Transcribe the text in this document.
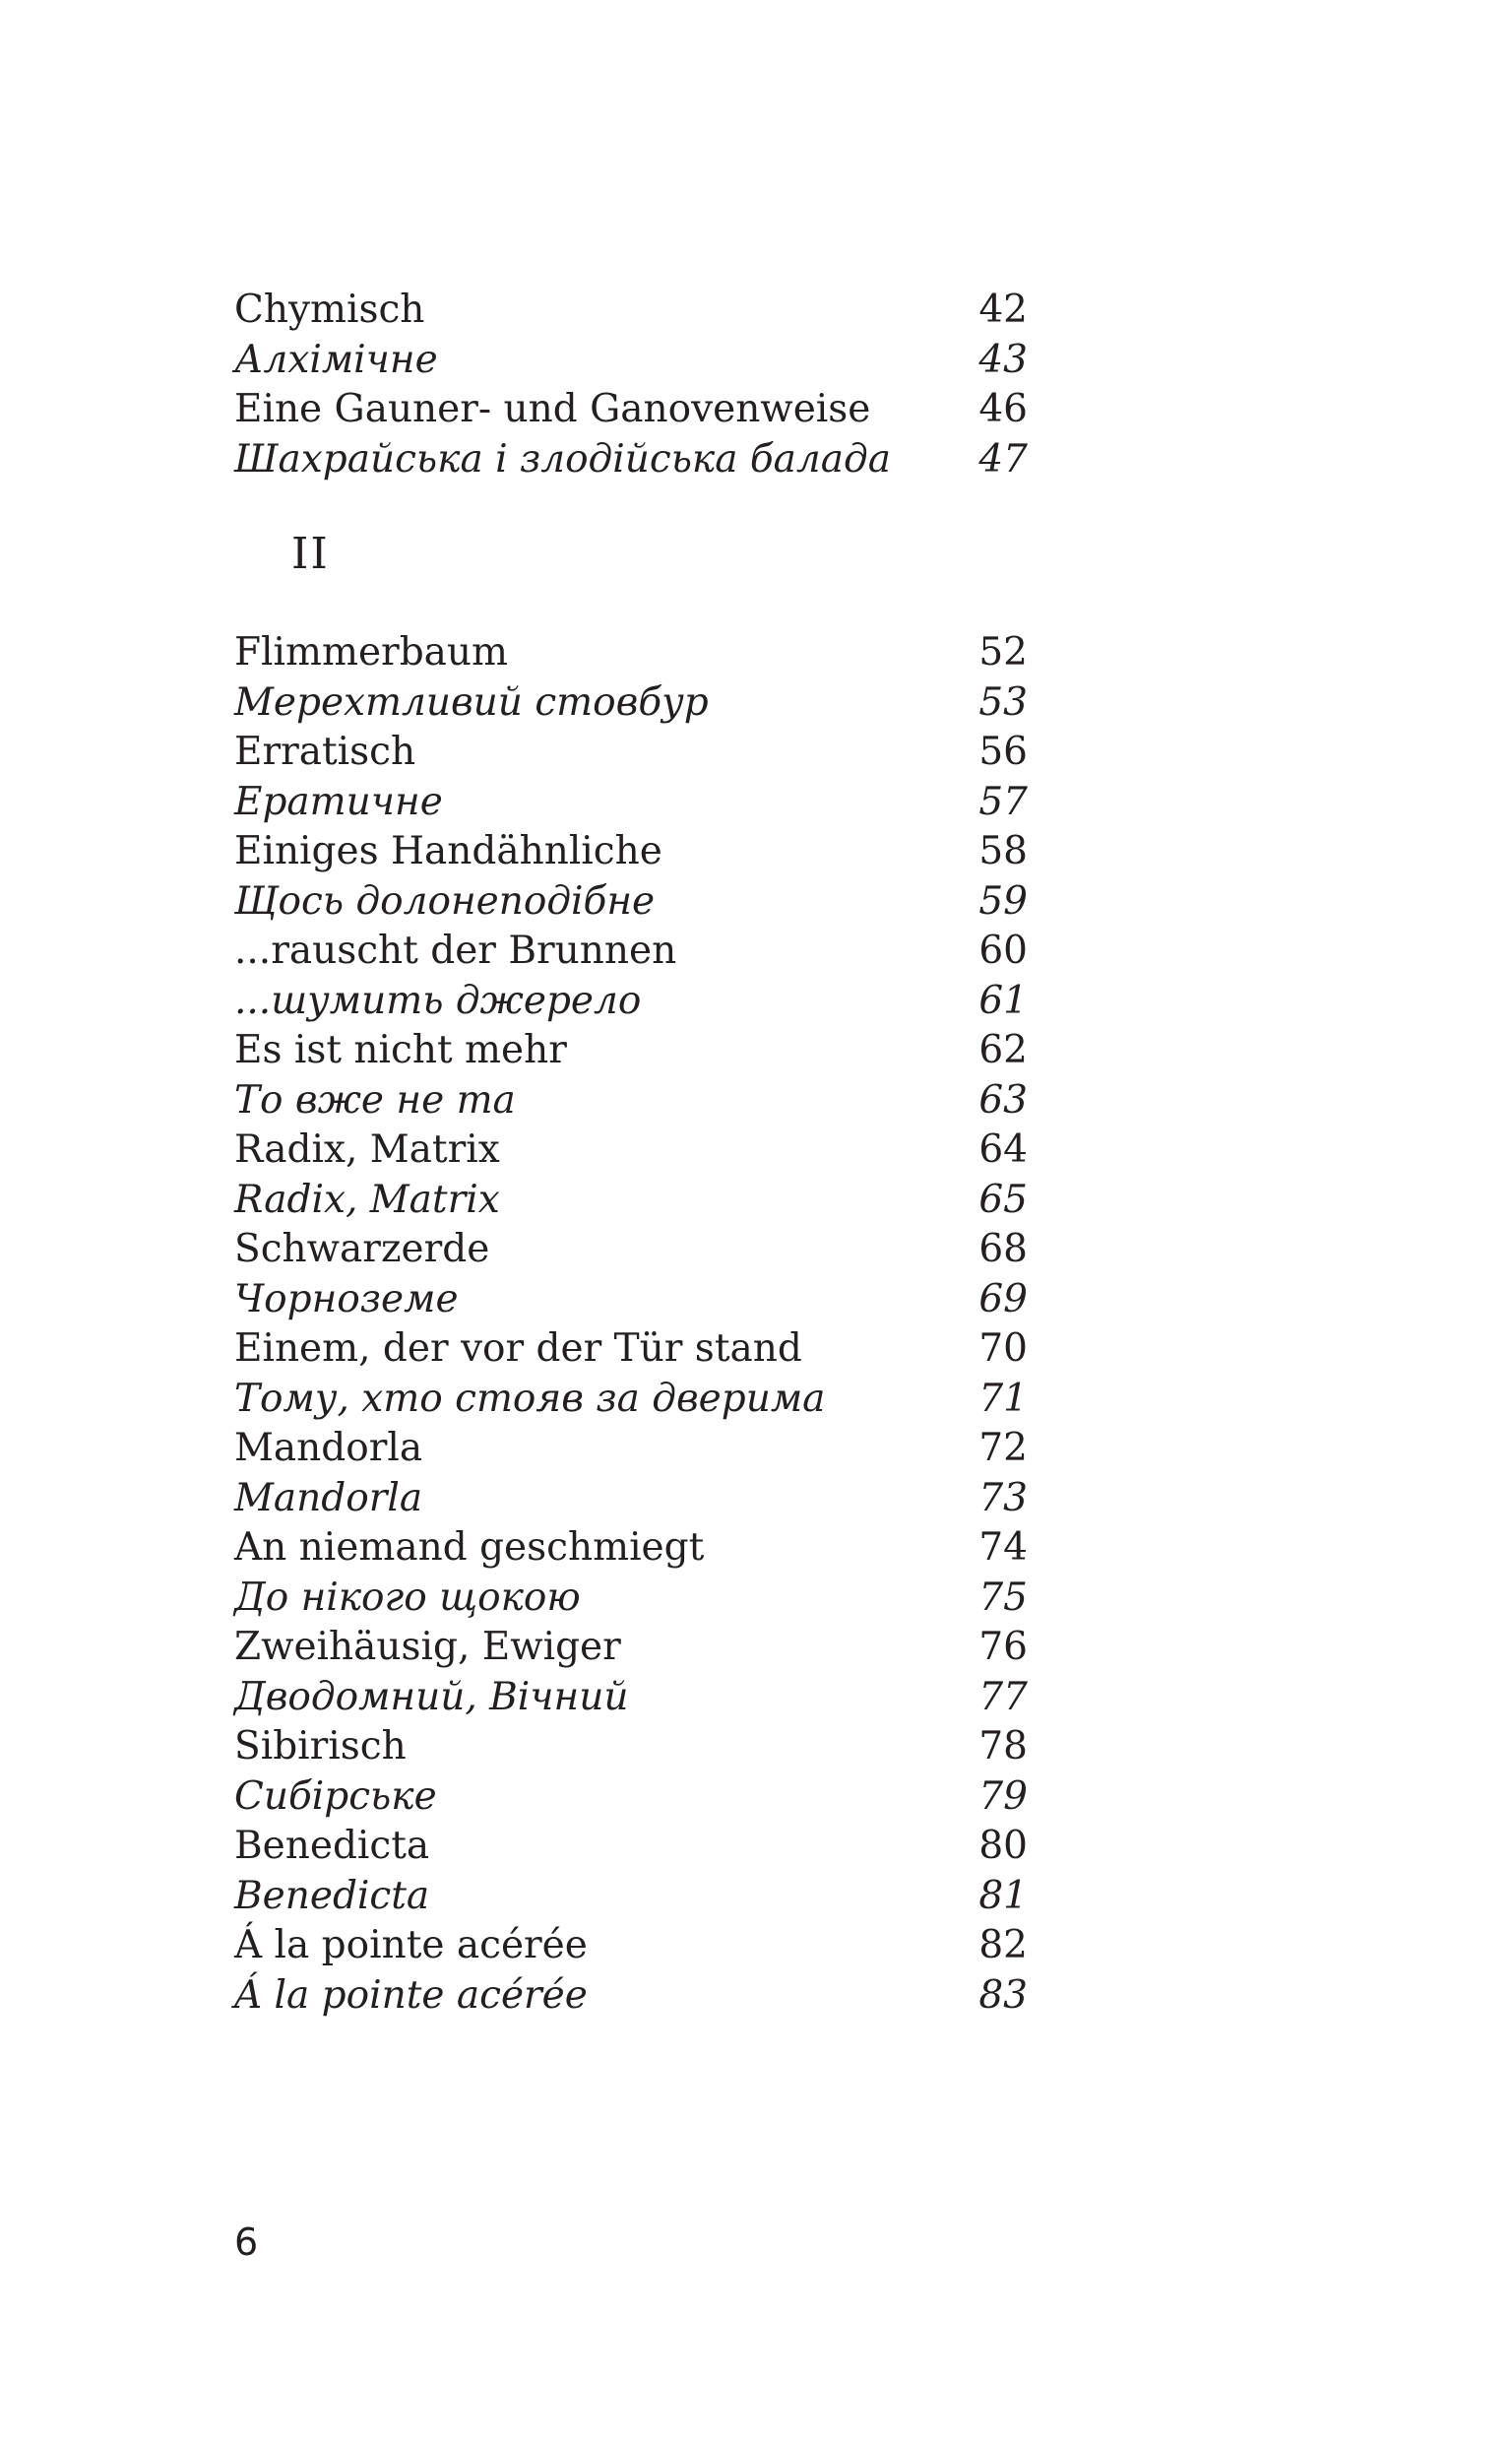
Chymisch	42
Алхімічне	43
Eine Gauner- und Ganovenweise	46
Шахрайська і злодійська балада 47
II
Flimmerbaum	52
Мерехтливий стовбур	53
Erratisch	56
Ератичне	57
Einiges Handähnliche	58
Щось долонеподібне	59
...rauscht der Brunnen	60
...шумить джерело	61
Es ist nicht mehr	62
То вже не та	63
Radix, Matrix	64
Radix, Matrix	65
Schwarzerde	68
Чорноземе	69
Einem, der vor der Tür stand	70
Тому, хто стояв за дверима	71
Mandorla	72
Mandorla	73
An niemand geschmiegt	74
До нікого щокою	75
Zweihäusig, Ewiger	76
Дводомний, Вічний	77
Sibirisch	78
Сибірське	79
Benedicta	80
Benedicta	81
Á la pointe acérée	82
Á la pointe acérée	83
6
